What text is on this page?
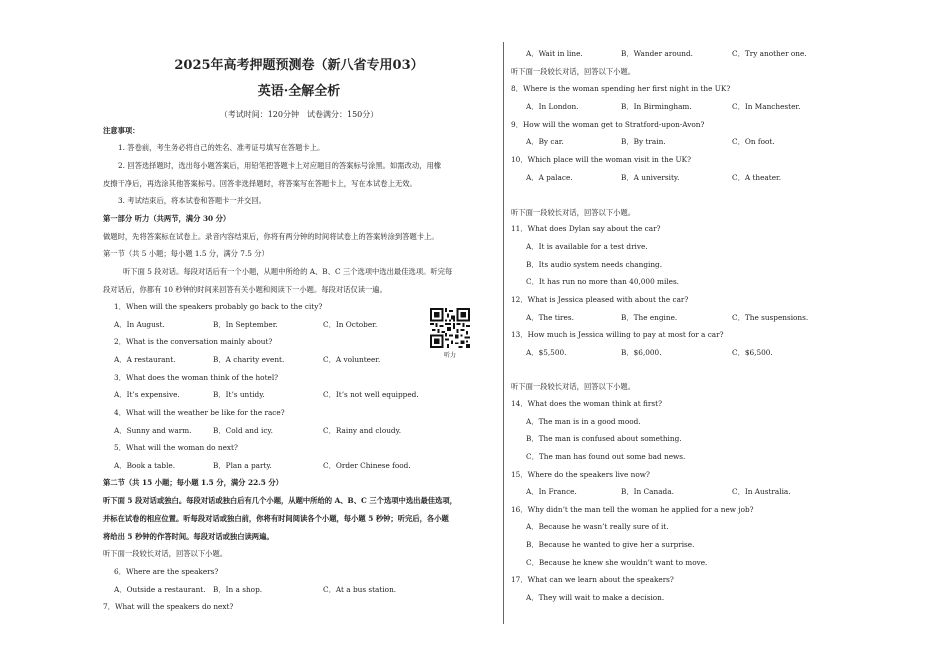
2025年高考押题预测卷（新八省专用03）
英语·全解全析
（考试时间：120分钟　试卷满分：150分）
注意事项：
1. 答卷前，考生务必将自己的姓名、准考证号填写在答题卡上。
2. 回答选择题时，选出每小题答案后，用铅笔把答题卡上对应题目的答案标号涂黑。如需改动，用橡
皮擦干净后，再选涂其他答案标号。回答非选择题时，将答案写在答题卡上，写在本试卷上无效。
3. 考试结束后，将本试卷和答题卡一并交回。
第一部分 听力（共两节，满分 30 分）
做题时，先将答案标在试卷上。录音内容结束后，你将有两分钟的时间将试卷上的答案转涂到答题卡上。
第一节（共 5 小题；每小题 1.5 分，满分 7.5 分）
听下面 5 段对话。每段对话后有一个小题，从题中所给的 A、B、C 三个选项中选出最佳选项。听完每
段对话后，你都有 10 秒钟的时间来回答有关小题和阅读下一小题。每段对话仅读一遍。
1．When will the speakers probably go back to the city?
A．In August.	B．In September.	C．In October.
2．What is the conversation mainly about?
A．A restaurant.	B．A charity event.	C．A volunteer.
3．What does the woman think of the hotel?
A．It’s expensive.	B．It’s untidy.	C．It’s not well equipped.
4．What will the weather be like for the race?
A．Sunny and warm.	B．Cold and icy.	C．Rainy and cloudy.
5．What will the woman do next?
A．Book a table.	B．Plan a party.	C．Order Chinese food.
第二节（共 15 小题；每小题 1.5 分，满分 22.5 分）
听下面 5 段对话或独白。每段对话或独白后有几个小题，从题中所给的 A、B、C 三个选项中选出最佳选项，
并标在试卷的相应位置。听每段对话或独白前，你将有时间阅读各个小题，每小题 5 秒钟；听完后，各小题
将给出 5 秒钟的作答时间。每段对话或独白读两遍。
听下面一段较长对话，回答以下小题。
6．Where are the speakers?
A．Outside a restaurant. B．In a shop.	C．At a bus station.
7．What will the speakers do next?
听力
A．Wait in line.	B．Wander around.	C．Try another one.
听下面一段较长对话，回答以下小题。
8．Where is the woman spending her first night in the UK?
A．In London.	B．In Birmingham.	C．In Manchester.
9．How will the woman get to Stratford-upon-Avon?
A．By car.	B．By train.	C．On foot.
10．Which place will the woman visit in the UK?
A．A palace.	B．A university.	C．A theater.
听下面一段较长对话，回答以下小题。
11．What does Dylan say about the car?
A．It is available for a test drive.
B．Its audio system needs changing.
C．It has run no more than 40,000 miles.
12．What is Jessica pleased with about the car?
A．The tires.	B．The engine.	C．The suspensions.
13．How much is Jessica willing to pay at most for a car?
A．$5,500.	B．$6,000.	C．$6,500.
听下面一段较长对话，回答以下小题。
14．What does the woman think at first?
A．The man is in a good mood.
B．The man is confused about something.
C．The man has found out some bad news.
15．Where do the speakers live now?
A．In France.	B．In Canada.	C．In Australia.
16．Why didn’t the man tell the woman he applied for a new job?
A．Because he wasn’t really sure of it.
B．Because he wanted to give her a surprise.
C．Because he knew she wouldn’t want to move.
17．What can we learn about the speakers?
A．They will wait to make a decision.
